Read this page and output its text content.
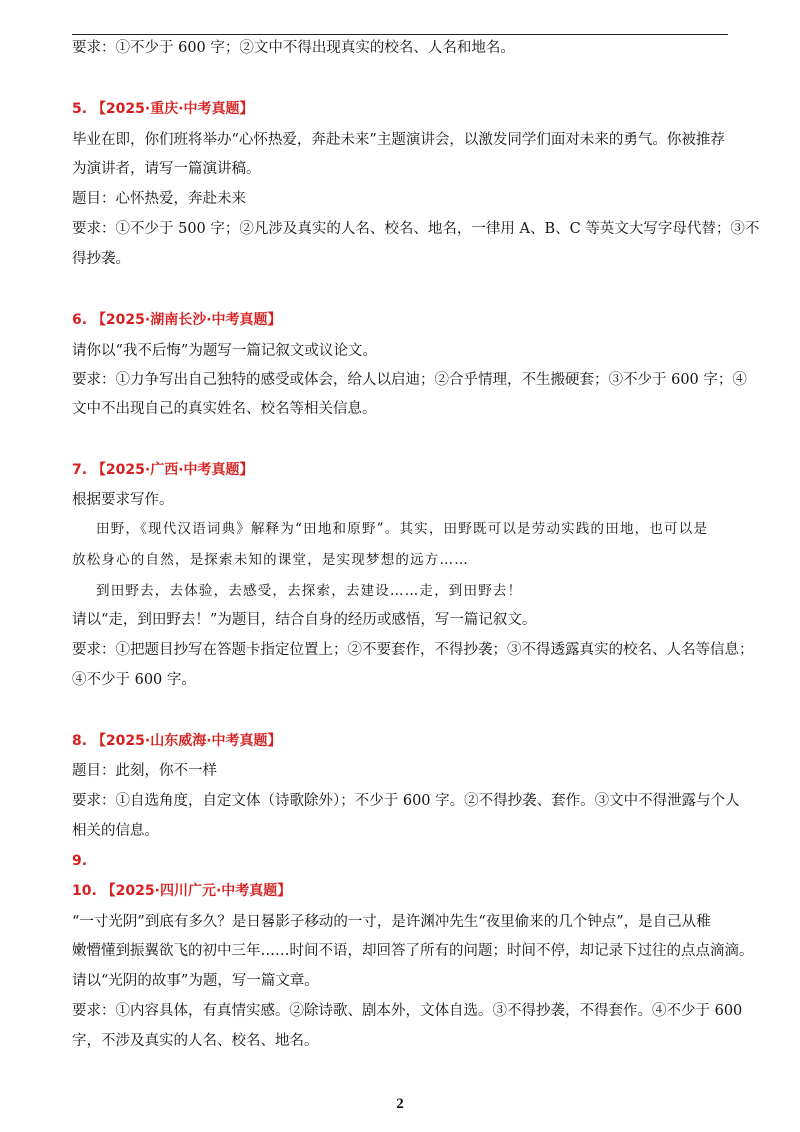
要求：①不少于 600 字；②文中不得出现真实的校名、人名和地名。
5. 【2025·重庆·中考真题】
毕业在即，你们班将举办“心怀热爱，奔赴未来”主题演讲会，以激发同学们面对未来的勇气。你被推荐
为演讲者，请写一篇演讲稿。
题目：心怀热爱，奔赴未来
要求：①不少于 500 字；②凡涉及真实的人名、校名、地名，一律用 A、B、C 等英文大写字母代替；③不
得抄袭。
6. 【2025·湖南长沙·中考真题】
请你以“我不后悔”为题写一篇记叙文或议论文。
要求：①力争写出自己独特的感受或体会，给人以启迪；②合乎情理，不生搬硬套；③不少于 600 字；④
文中不出现自己的真实姓名、校名等相关信息。
7. 【2025·广西·中考真题】
根据要求写作。
田野，《现代汉语词典》解释为“田地和原野”。其实，田野既可以是劳动实践的田地，也可以是
放松身心的自然，是探索未知的课堂，是实现梦想的远方……
到田野去，去体验，去感受，去探索，去建设……走，到田野去！
请以“走，到田野去！”为题目，结合自身的经历或感悟，写一篇记叙文。
要求：①把题目抄写在答题卡指定位置上；②不要套作，不得抄袭；③不得透露真实的校名、人名等信息；
④不少于 600 字。
8. 【2025·山东威海·中考真题】
题目：此刻，你不一样
要求：①自选角度，自定文体（诗歌除外）；不少于 600 字。②不得抄袭、套作。③文中不得泄露与个人
相关的信息。
9.
10. 【2025·四川广元·中考真题】
“一寸光阴”到底有多久？是日晷影子移动的一寸，是许渊冲先生“夜里偷来的几个钟点”，是自己从稚
嫩懵懂到振翼欲飞的初中三年……时间不语，却回答了所有的问题；时间不停，却记录下过往的点点滴滴。
请以“光阴的故事”为题，写一篇文章。
要求：①内容具体，有真情实感。②除诗歌、剧本外，文体自选。③不得抄袭，不得套作。④不少于 600
字，不涉及真实的人名、校名、地名。
2
